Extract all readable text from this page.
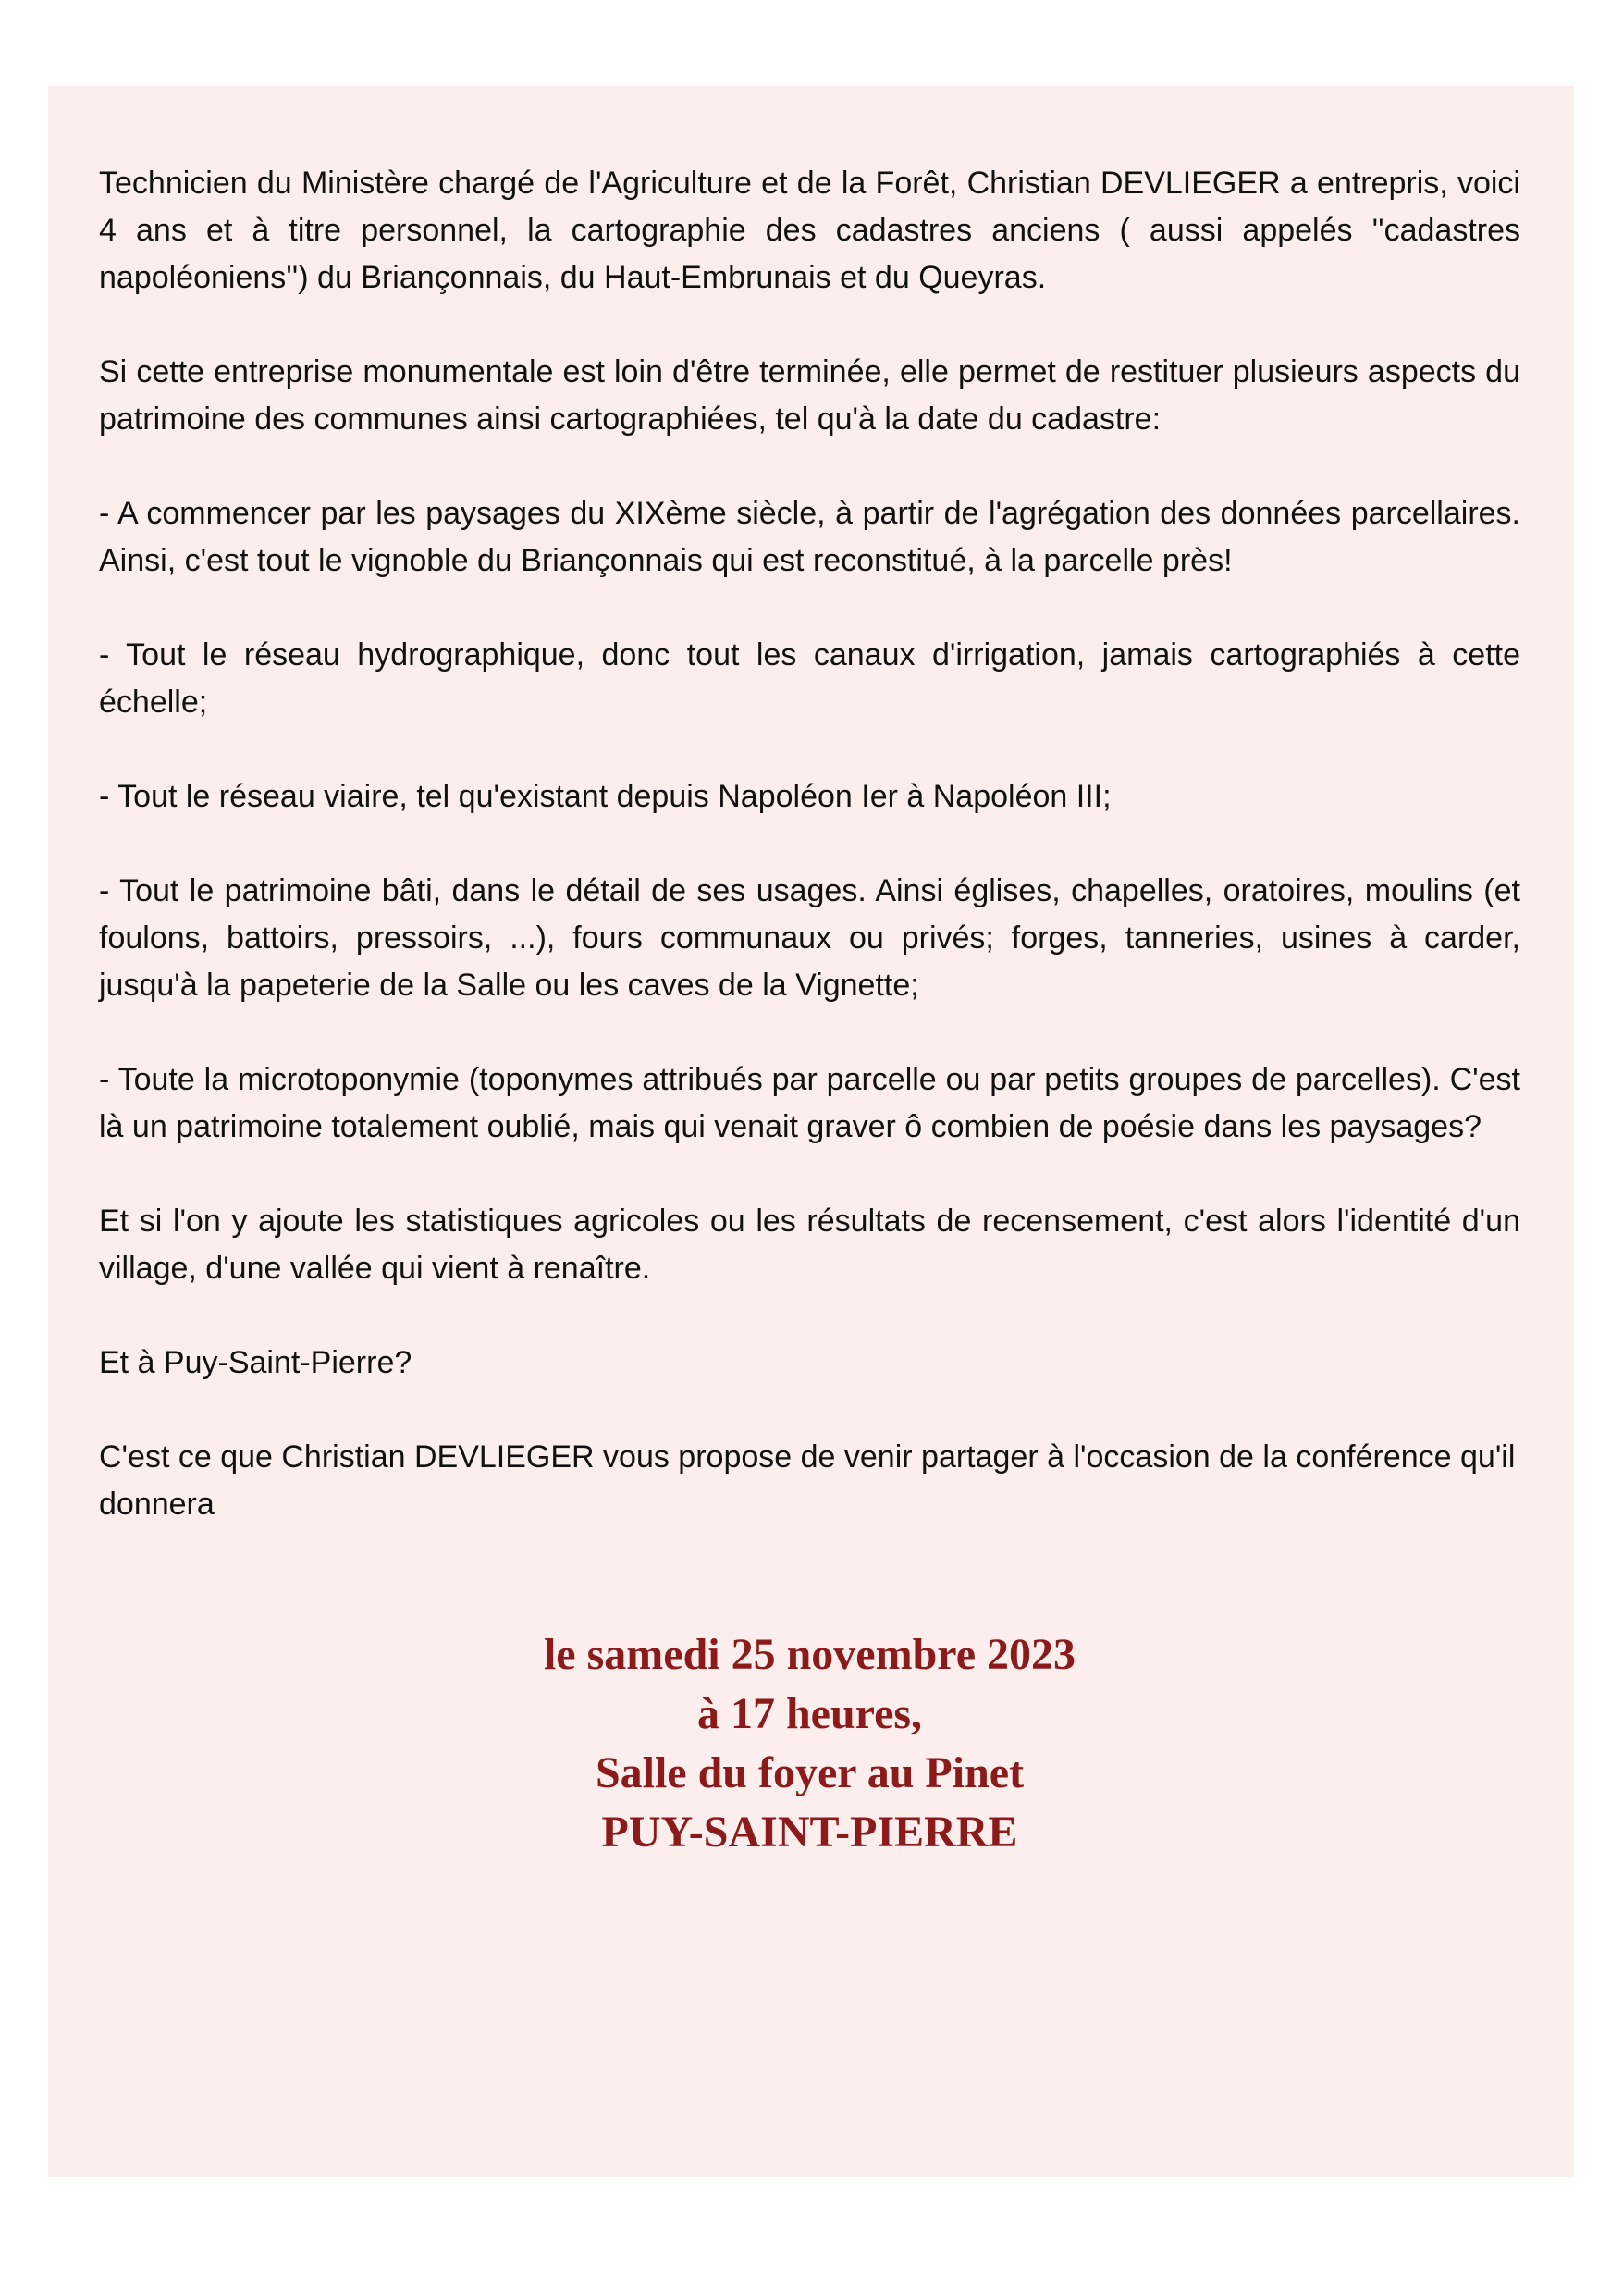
Technicien du Ministère chargé de l'Agriculture et de la Forêt, Christian DEVLIEGER a entrepris, voici 4 ans et à titre personnel, la cartographie des cadastres anciens ( aussi appelés ''cadastres napoléoniens'') du Briançonnais, du Haut-Embrunais et du Queyras.

Si cette entreprise monumentale est loin d'être terminée, elle permet de restituer plusieurs aspects du patrimoine des communes ainsi cartographiées, tel qu'à la date du cadastre:

- A commencer par les paysages du XIXème siècle, à partir de l'agrégation des données parcellaires. Ainsi, c'est tout le vignoble du Briançonnais qui est reconstitué, à la parcelle près!

- Tout le réseau hydrographique, donc tout les canaux d'irrigation, jamais cartographiés à cette échelle;

- Tout le réseau viaire, tel qu'existant depuis Napoléon Ier à Napoléon III;

- Tout le patrimoine bâti, dans le détail de ses usages. Ainsi églises, chapelles, oratoires, moulins (et foulons, battoirs, pressoirs, ...), fours communaux ou privés; forges, tanneries, usines à carder, jusqu'à la papeterie de la Salle ou les caves de la Vignette;

- Toute la microtoponymie (toponymes attribués par parcelle ou par petits groupes de parcelles). C'est là un patrimoine totalement oublié, mais qui venait graver ô combien de poésie dans les paysages?

Et si l'on y ajoute les statistiques agricoles ou les résultats de recensement, c'est alors l'identité d'un village, d'une vallée qui vient à renaître.

Et à Puy-Saint-Pierre?

C'est ce que Christian DEVLIEGER vous propose de venir partager à l'occasion de la conférence qu'il donnera

le samedi 25 novembre 2023
à 17 heures,
Salle du foyer au Pinet
PUY-SAINT-PIERRE
